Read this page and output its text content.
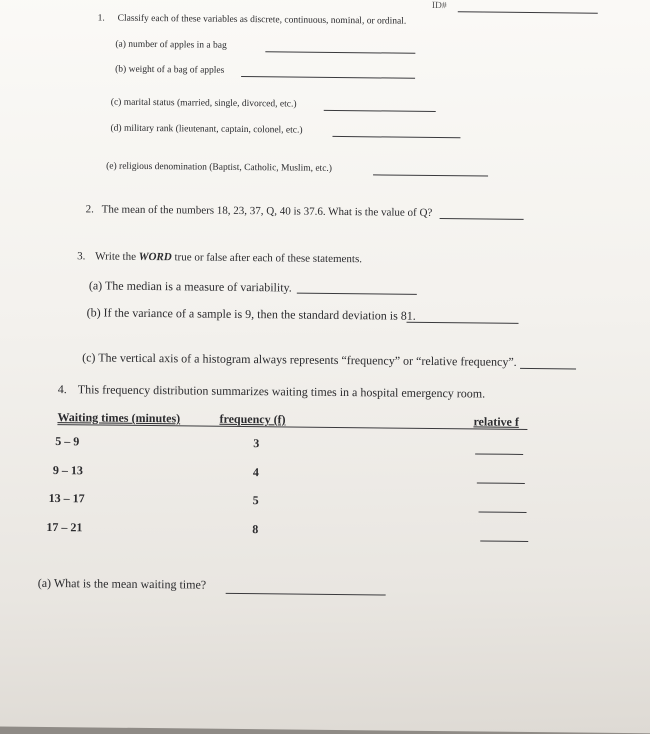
ID#
1. Classify each of these variables as discrete, continuous, nominal, or ordinal.
(a) number of apples in a bag
(b) weight of a bag of apples
(c) marital status (married, single, divorced, etc.)
(d) military rank (lieutenant, captain, colonel, etc.)
(e) religious denomination (Baptist, Catholic, Muslim, etc.)
2. The mean of the numbers 18, 23, 37, Q, 40 is 37.6. What is the value of Q?
3. Write the WORD true or false after each of these statements.
(a) The median is a measure of variability.
(b) If the variance of a sample is 9, then the standard deviation is 81.
(c) The vertical axis of a histogram always represents “frequency” or “relative frequency”.
4. This frequency distribution summarizes waiting times in a hospital emergency room.
Waiting times (minutes)	frequency (f)	relative f
5 – 9	3
9 – 13	4
13 – 17	5
17 – 21	8
(a) What is the mean waiting time?
